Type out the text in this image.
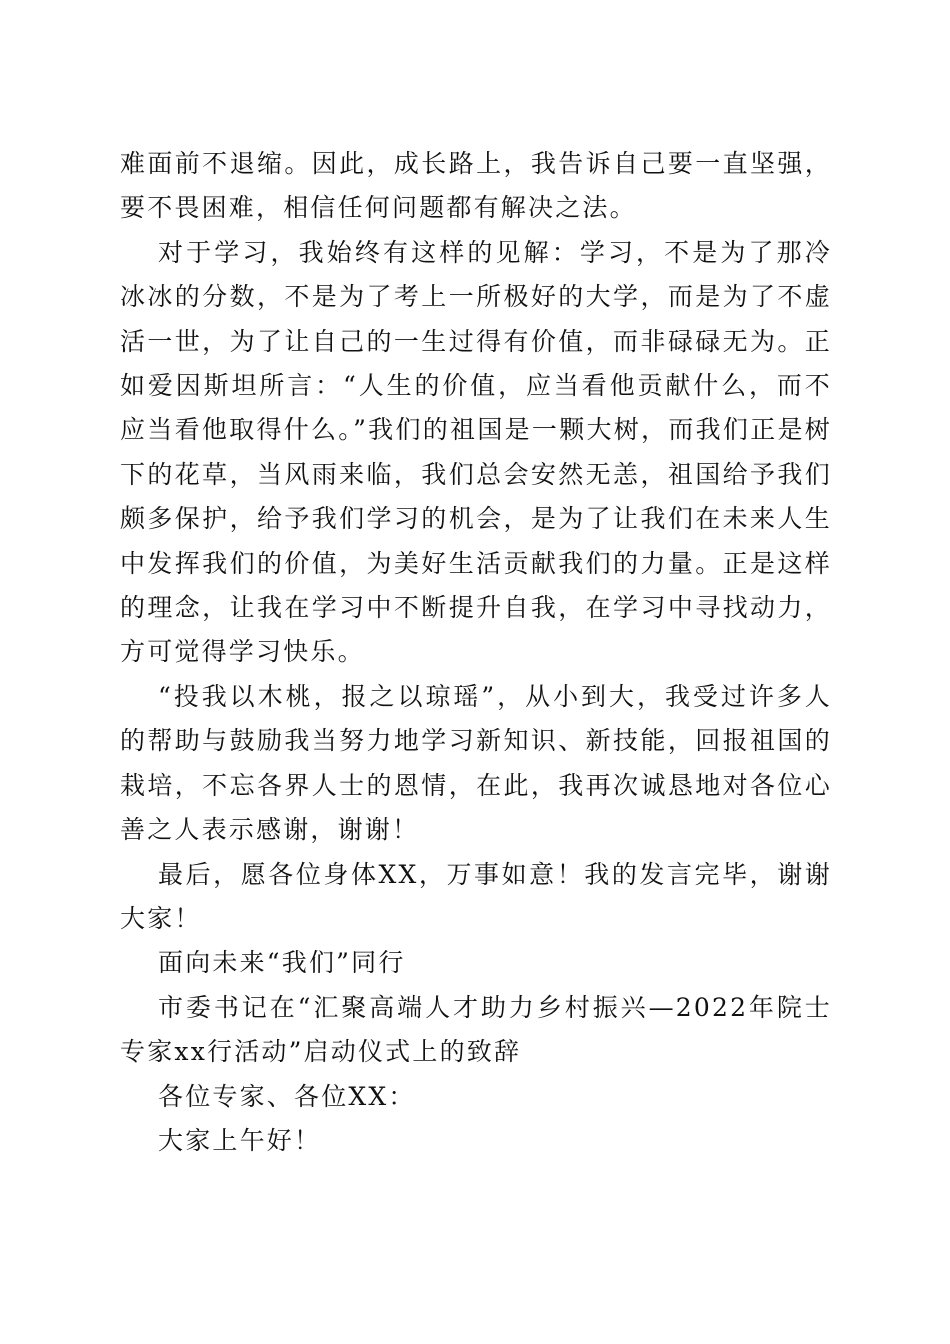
难面前不退缩。因此，成长路上，我告诉自己要一直坚强，要不畏困难，相信任何问题都有解决之法。

对于学习，我始终有这样的见解：学习，不是为了那冷冰冰的分数，不是为了考上一所极好的大学，而是为了不虚活一世，为了让自己的一生过得有价值，而非碌碌无为。正如爱因斯坦所言：“人生的价值，应当看他贡献什么，而不应当看他取得什么。”我们的祖国是一颗大树，而我们正是树下的花草，当风雨来临，我们总会安然无恙，祖国给予我们颇多保护，给予我们学习的机会，是为了让我们在未来人生中发挥我们的价值，为美好生活贡献我们的力量。正是这样的理念，让我在学习中不断提升自我，在学习中寻找动力，方可觉得学习快乐。

“投我以木桃，报之以琼瑶”，从小到大，我受过许多人的帮助与鼓励我当努力地学习新知识、新技能，回报祖国的栽培，不忘各界人士的恩情，在此，我再次诚恳地对各位心善之人表示感谢，谢谢！

最后，愿各位身体XX，万事如意！我的发言完毕，谢谢大家！

面向未来“我们”同行

市委书记在“汇聚高端人才助力乡村振兴—2022年院士专家xx行活动”启动仪式上的致辞

各位专家、各位XX：

大家上午好！
